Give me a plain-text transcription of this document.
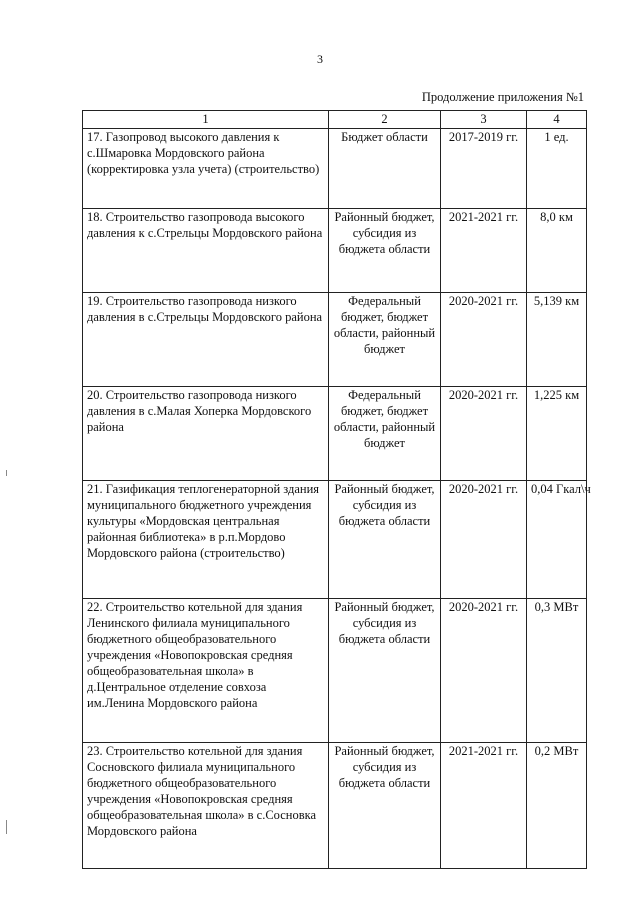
3
Продолжение приложения №1
1	2	3	4
17. Газопровод высокого давления к с.Шмаровка Мордовского района (корректировка узла учета) (строительство)	Бюджет области	2017-2019 гг.	1 ед.
18. Строительство газопровода высокого давления к с.Стрельцы Мордовского района	Районный бюджет, субсидия из бюджета области	2021-2021 гг.	8,0 км
19. Строительство газопровода низкого давления в с.Стрельцы Мордовского района	Федеральный бюджет, бюджет области, районный бюджет	2020-2021 гг.	5,139 км
20. Строительство газопровода низкого давления в с.Малая Хоперка Мордовского района	Федеральный бюджет, бюджет области, районный бюджет	2020-2021 гг.	1,225 км
21. Газификация теплогенераторной здания муниципального бюджетного учреждения культуры «Мордовская центральная районная библиотека» в р.п.Мордово Мордовского района (строительство)	Районный бюджет, субсидия из бюджета области	2020-2021 гг.	0,04 Гкал\ч
22. Строительство котельной для здания Ленинского филиала муниципального бюджетного общеобразовательного учреждения «Новопокровская средняя общеобразовательная школа» в д.Центральное отделение совхоза им.Ленина Мордовского района	Районный бюджет, субсидия из бюджета области	2020-2021 гг.	0,3 МВт
23. Строительство котельной для здания Сосновского филиала муниципального бюджетного общеобразовательного учреждения «Новопокровская средняя общеобразовательная школа» в с.Сосновка Мордовского района	Районный бюджет, субсидия из бюджета области	2021-2021 гг.	0,2 МВт
